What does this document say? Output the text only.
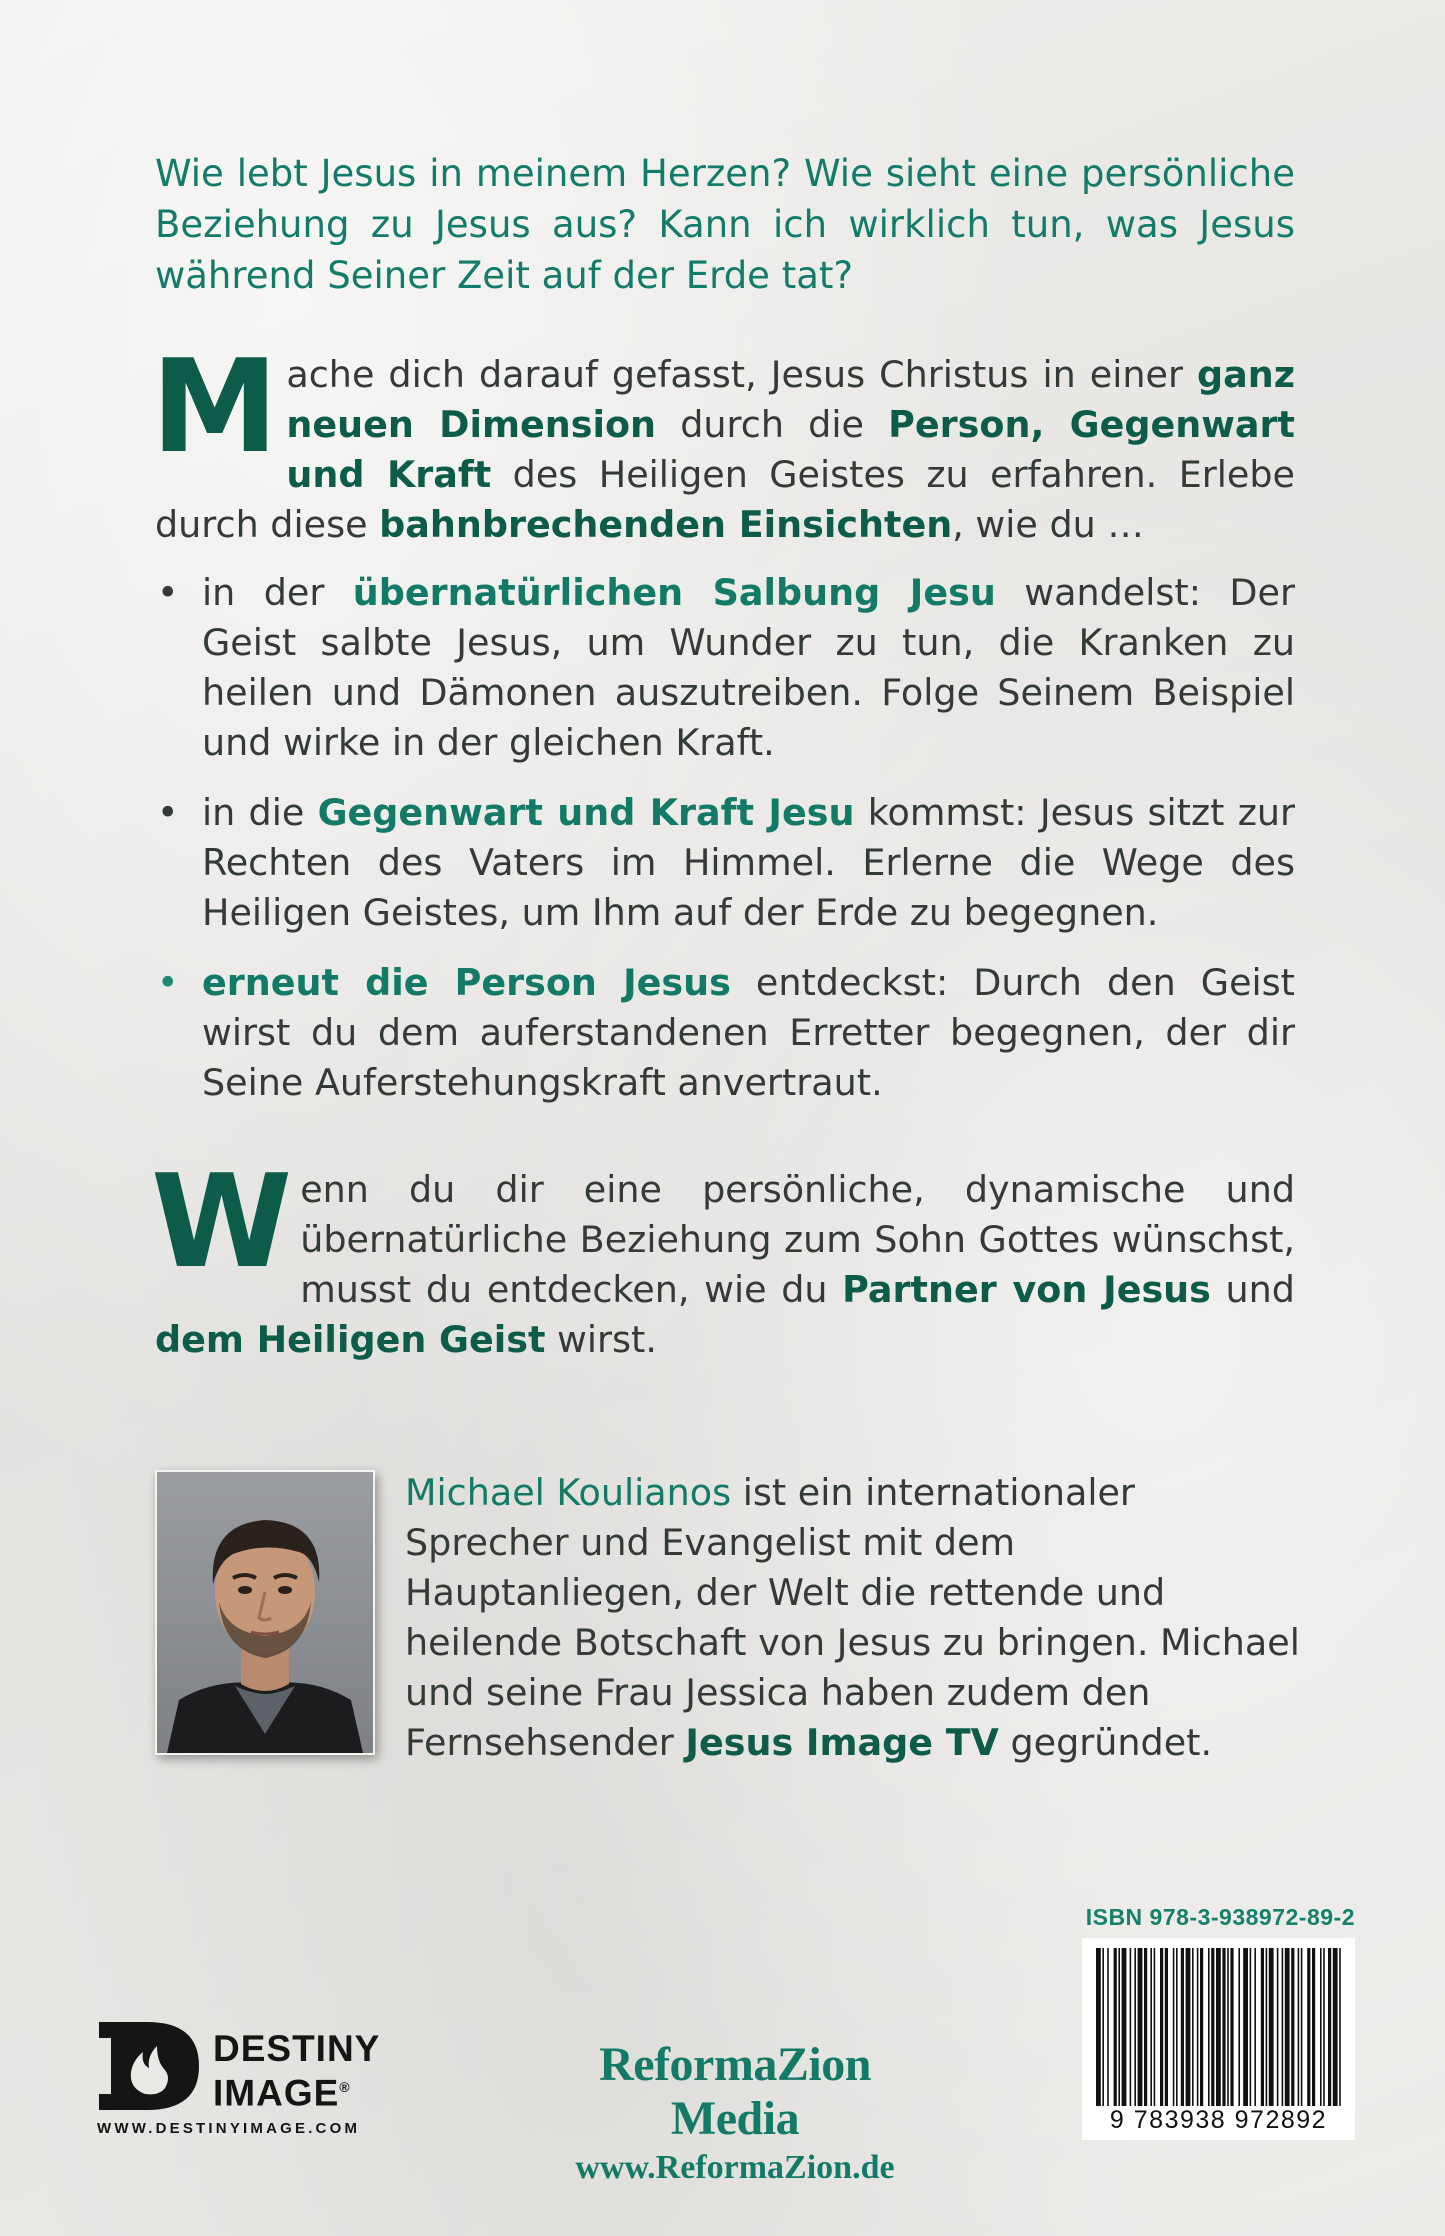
Wie lebt Jesus in meinem Herzen? Wie sieht eine persönliche Beziehung zu Jesus aus? Kann ich wirklich tun, was Jesus während Seiner Zeit auf der Erde tat?
M ache dich darauf gefasst, Jesus Christus in einer ganz neuen Dimension durch die Person, Gegenwart und Kraft des Heiligen Geistes zu erfahren. Erlebe durch diese bahnbrechenden Einsichten, wie du …
• in der übernatürlichen Salbung Jesu wandelst: Der Geist salbte Jesus, um Wunder zu tun, die Kranken zu heilen und Dämonen auszutreiben. Folge Seinem Beispiel und wirke in der gleichen Kraft.
• in die Gegenwart und Kraft Jesu kommst: Jesus sitzt zur Rechten des Vaters im Himmel. Erlerne die Wege des Heiligen Geistes, um Ihm auf der Erde zu begegnen.
• erneut die Person Jesus entdeckst: Durch den Geist wirst du dem auferstandenen Erretter begegnen, der dir Seine Auferstehungskraft anvertraut.
W enn du dir eine persönliche, dynamische und übernatürliche Beziehung zum Sohn Gottes wünschst, musst du entdecken, wie du Partner von Jesus und dem Heiligen Geist wirst.
Michael Koulianos ist ein internationaler Sprecher und Evangelist mit dem Hauptanliegen, der Welt die rettende und heilende Botschaft von Jesus zu bringen. Michael und seine Frau Jessica haben zudem den Fernsehsender Jesus Image TV gegründet.
ISBN 978-3-938972-89-2
9 783938 972892
DESTINY
IMAGE®
WWW.DESTINYIMAGE.COM
ReformaZion Media
www.ReformaZion.de
